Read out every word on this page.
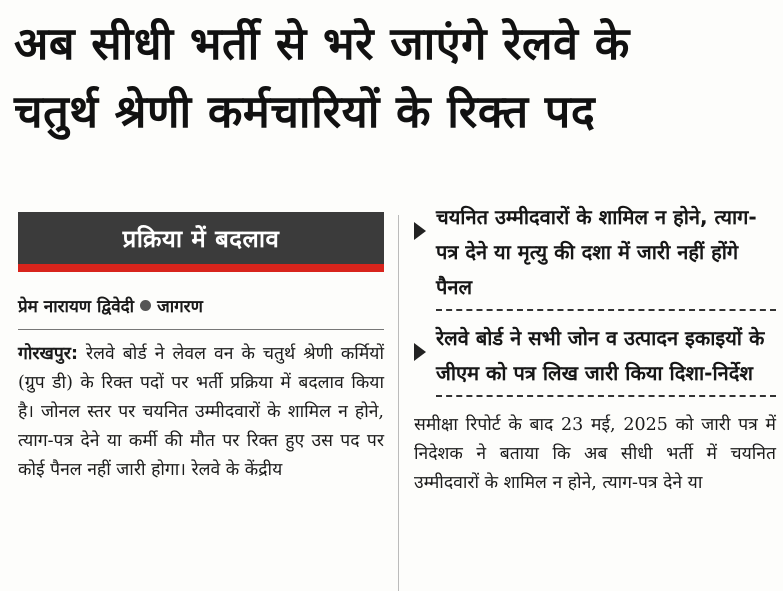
अब सीधी भर्ती से भरे जाएंगे रेलवे के
चतुर्थ श्रेणी कर्मचारियों के रिक्त पद
प्रक्रिया में बदलाव
प्रेम नारायण द्विवेदी जागरण
गोरखपुर: रेलवे बोर्ड ने लेवल वन के चतुर्थ श्रेणी कर्मियों (ग्रुप डी) के रिक्त पदों पर भर्ती प्रक्रिया में बदलाव किया है। जोनल स्तर पर चयनित उम्मीदवारों के शामिल न होने, त्याग-पत्र देने या कर्मी की मौत पर रिक्त हुए उस पद पर कोई पैनल नहीं जारी होगा। रेलवे के केंद्रीय

चयनित उम्मीदवारों के शामिल न होने, त्याग-पत्र देने या मृत्यु की दशा में जारी नहीं होंगे पैनल

रेलवे बोर्ड ने सभी जोन व उत्पादन इकाइयों के जीएम को पत्र लिख जारी किया दिशा-निर्देश

समीक्षा रिपोर्ट के बाद 23 मई, 2025 को जारी पत्र में निदेशक ने बताया कि अब सीधी भर्ती में चयनित उम्मीदवारों के शामिल न होने, त्याग-पत्र देने या
